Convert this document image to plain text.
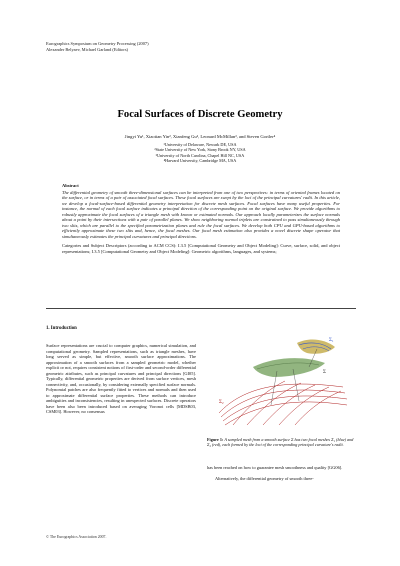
Eurographics Symposium on Geometry Processing (2007)
Alexander Belyaev, Michael Garland (Editors)
Focal Surfaces of Discrete Geometry
Jingyi Yu¹, Xiaotian Yin², Xianfeng Gu², Leonard McMillan³, and Steven Gortler⁴
¹University of Delaware, Newark DE, USA
²State University of New York, Stony Brook NY, USA
³University of North Carolina, Chapel Hill NC, USA
⁴Harvard University, Cambridge MA, USA
Abstract

The differential geometry of smooth three-dimensional surfaces can be interpreted from one of two perspectives: in terms of oriented frames located on the surface, or in terms of a pair of associated focal surfaces. These focal surfaces are swept by the loci of the principal curvatures' radii. In this article, we develop a focal-surface-based differential geometry interpretation for discrete mesh surfaces. Focal surfaces have many useful properties. For instance, the normal of each focal surface indicates a principal direction of the corresponding point on the original surface. We provide algorithms to robustly approximate the focal surfaces of a triangle mesh with known or estimated normals. Our approach locally parameterizes the surface normals about a point by their intersections with a pair of parallel planes. We show neighboring normal triplets are constrained to pass simultaneously through two slits, which are parallel to the specified parametrization planes and rule the focal surfaces. We develop both CPU and GPU-based algorithms to efficiently approximate these two slits and, hence, the focal meshes. Our focal mesh estimation also provides a novel discrete shape operator that simultaneously estimates the principal curvatures and principal directions.

Categories and Subject Descriptors (according to ACM CCS): I.3.5 [Computational Geometry and Object Modeling]: Curve, surface, solid, and object representations; I.3.5 [Computational Geometry and Object Modeling]: Geometric algorithms, languages, and systems;

1. Introduction

Surface representations are crucial to computer graphics, numerical simulation, and computational geometry. Sampled representations, such as triangle meshes, have long served as simple, but effective, smooth surface approximations. The approximation of a smooth surfaces from a sampled geometric model, whether explicit or not, requires consistent notions of first-order and second-order differential geometric attributes, such as principal curvatures and principal directions [GI05]. Typically, differential geometric properties are derived from surface vertices, mesh connectivity, and, occasionally, by considering externally specified surface normals. Polynomial patches are also frequently fitted to vertices and normals and then used to approximate differential surface properties. These methods can introduce ambiguities and inconsistencies, resulting in unexpected surfaces. Discrete operators have been also been introduced based on averaging Voronoi cells [MDSB03, CSM03]. However, no consensus

Σ₁
Σ₂
Σ
Figure 1: A sampled mesh from a smooth surface Σ has two focal meshes Σ₁ (blue) and Σ₂ (red), each formed by the loci of the corresponding principal curvature's radii.

has been reached on how to guarantee mesh smoothness and quality [GG06].

Alternatively, the differential geometry of smooth three-

© The Eurographics Association 2007.
